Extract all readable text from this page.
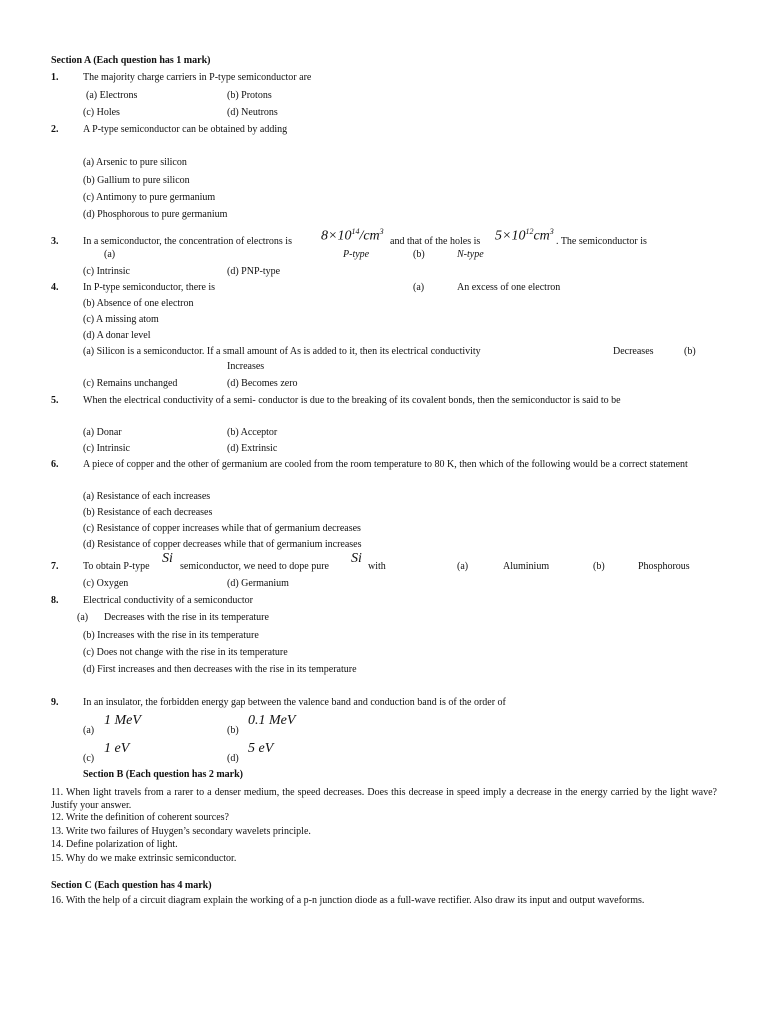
Section A (Each question has 1 mark)
1. The majority charge carriers in P-type semiconductor are
(a) Electrons	(b) Protons
(c) Holes	(d) Neutrons
2. A P-type semiconductor can be obtained by adding
(a) Arsenic to pure silicon
(b) Gallium to pure silicon
(c) Antimony to pure germanium
(d) Phosphorous to pure germanium
3. In a semiconductor, the concentration of electrons is $8\times 10^{14}/cm^3$
and that of the holes is $5\times 10^{12}cm^3$
. The semiconductor is
(a)	P-type	(b)	N-type
(c) Intrinsic	(d) PNP-type
4. In P-type semiconductor, there is	(a)	An excess of one electron
(b) Absence of one electron
(c) A missing atom
(d) A donar level
(a) Silicon is a semiconductor. If a small amount of As is added to it, then its electrical conductivity	Decreases	(b)
Increases
(c) Remains unchanged	(d) Becomes zero
5. When the electrical conductivity of a semi- conductor is due to the breaking of its covalent bonds, then the semiconductor is said to be
(a) Donar	(b) Acceptor
(c) Intrinsic	(d) Extrinsic
6. A piece of copper and the other of germanium are cooled from the room temperature to 80 K, then which of the following would be a correct statement
(a) Resistance of each increases
(b) Resistance of each decreases
(c) Resistance of copper increases while that of germanium decreases
(d) Resistance of copper decreases while that of germanium increases
7. To obtain P-type
Si
semiconductor, we need to dope pure
Si
with	(a)	Aluminium	(b)	Phosphorous
(c) Oxygen	(d) Germanium
8. Electrical conductivity of a semiconductor
(a) Decreases with the rise in its temperature
(b) Increases with the rise in its temperature
(c) Does not change with the rise in its temperature
(d) First increases and then decreases with the rise in its temperature
9. In an insulator, the forbidden energy gap between the valence band and conduction band is of the order of
(a)
1 MeV
(b)
0.1 MeV
(c)
1 eV
(d)
5 eV
Section B (Each question has 2 mark)
11. When light travels from a rarer to a denser medium, the speed decreases. Does this decrease in speed imply a decrease in the energy carried by the light wave? Justify your answer.
12. Write the definition of coherent sources?
13. Write two failures of Huygen’s secondary wavelets principle.
14. Define polarization of light.
15. Why do we make extrinsic semiconductor.
Section C (Each question has 4 mark)
16. With the help of a circuit diagram explain the working of a p-n junction diode as a full-wave rectifier. Also draw its input and output waveforms.
